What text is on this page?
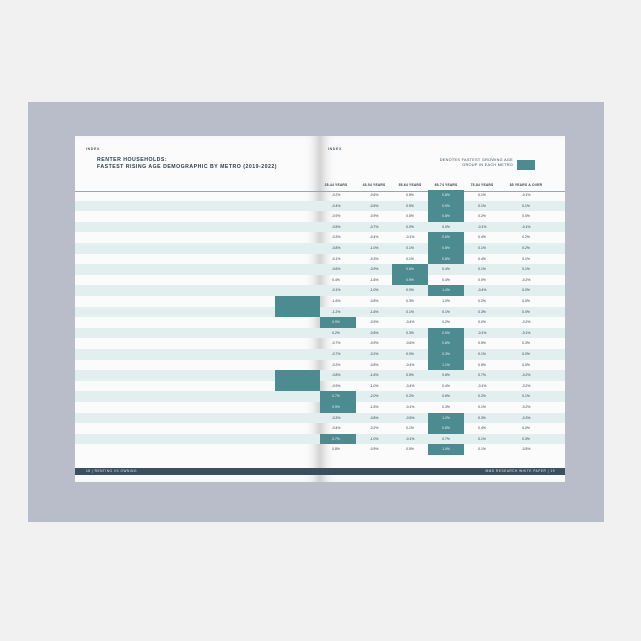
INDEX
RENTER HOUSEHOLDS:
FASTEST RISING AGE DEMOGRAPHIC BY METRO (2019-2022)
18 | RENTING VS OWNING
INDEX
DENOTES FASTEST GROWING AGE GROUP IN EACH METRO
25-44 YEARS	45-54 YEARS	55-64 YEARS	65-74 YEARS	75-84 YEARS	85 YEARS & OVER
-0.2%	-0.6%	0.5%	0.8%	0.1%	-0.1%
-0.4%	-0.5%	0.5%	0.5%	0.1%	0.1%
-0.9%	-0.9%	0.5%	0.8%	0.2%	0.0%
-0.5%	-0.7%	0.0%	0.0%	-0.1%	-0.1%
-0.3%	-0.4%	-0.1%	0.6%	0.4%	0.2%
-0.8%	-1.0%	0.1%	0.8%	0.1%	0.2%
-0.1%	-0.3%	0.1%	0.8%	0.4%	0.1%
-0.6%	-0.9%	0.6%	0.4%	0.1%	0.1%
0.4%	-1.6%	0.9%	0.4%	0.0%	-0.2%
-0.1%	-1.0%	0.0%	1.4%	-0.4%	0.0%
-1.6%	-0.8%	0.3%	1.0%	0.2%	0.0%
-1.2%	-1.6%	0.1%	0.1%	0.3%	0.0%
0.9%	-0.9%	-0.4%	0.2%	0.0%	-0.2%
0.2%	-0.5%	0.3%	0.5%	-0.1%	-0.1%
-0.7%	-0.9%	-0.6%	0.8%	0.5%	0.3%
-0.7%	-0.2%	0.0%	0.3%	0.1%	0.0%
-0.2%	-0.8%	-0.4%	1.1%	0.5%	0.0%
-0.8%	-1.6%	0.5%	0.6%	0.7%	-0.2%
-0.9%	-1.0%	-0.4%	0.4%	-0.1%	-0.2%
0.7%	-2.0%	0.2%	0.6%	0.2%	0.1%
0.9%	-1.5%	-0.1%	0.3%	0.1%	-0.2%
-0.3%	-0.8%	-0.5%	1.2%	0.3%	-0.3%
-0.4%	-0.2%	0.1%	0.8%	0.4%	0.0%
0.7%	-1.0%	-0.1%	0.7%	0.1%	0.3%
0.8%	-0.9%	0.5%	1.0%	0.1%	-0.5%
MMD RESEARCH WHITE PAPER | 19
